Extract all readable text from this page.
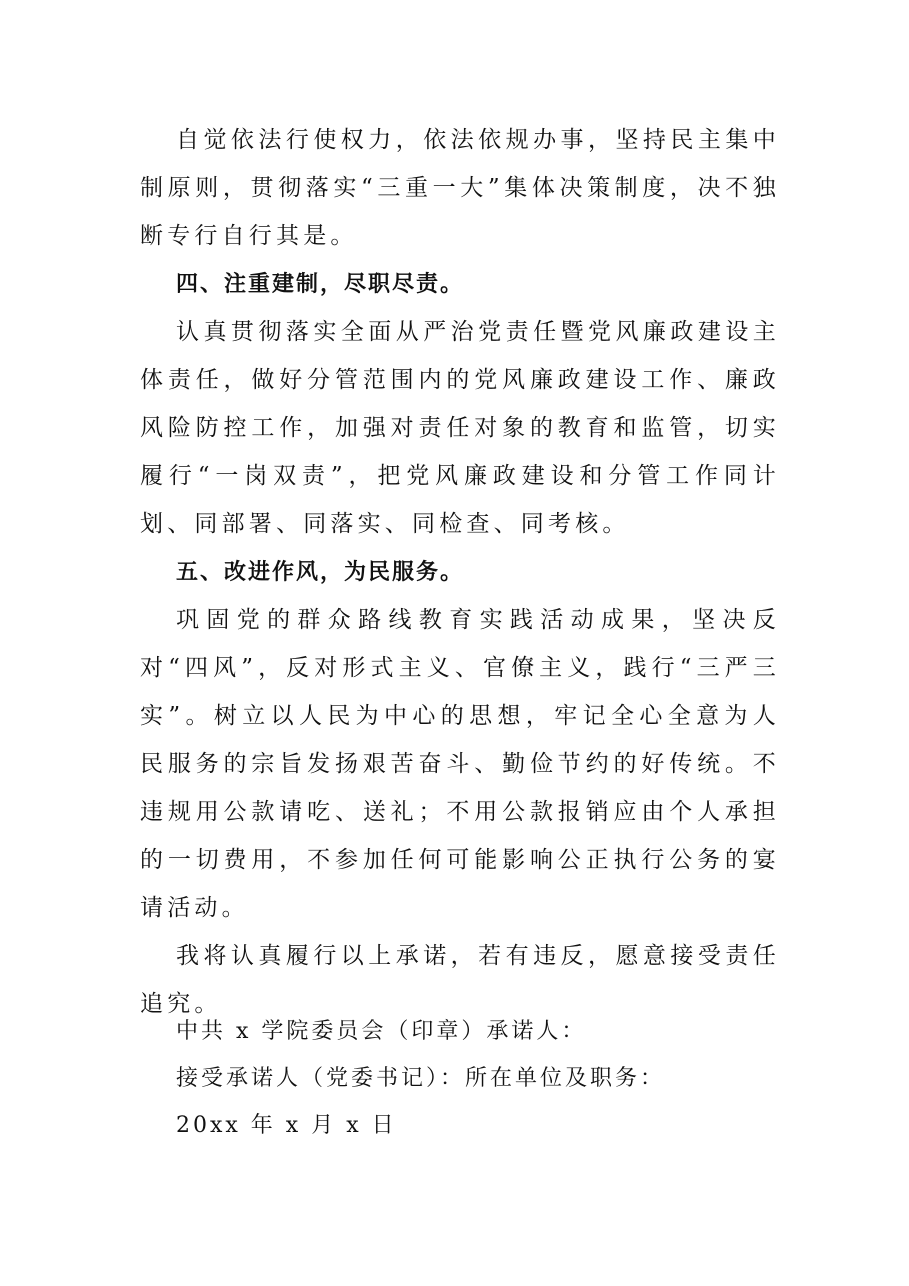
自觉依法行使权力，依法依规办事，坚持民主集中制原则，贯彻落实“三重一大”集体决策制度，决不独断专行自行其是。

四、注重建制，尽职尽责。

认真贯彻落实全面从严治党责任暨党风廉政建设主体责任，做好分管范围内的党风廉政建设工作、廉政风险防控工作，加强对责任对象的教育和监管，切实履行“一岗双责”，把党风廉政建设和分管工作同计划、同部署、同落实、同检查、同考核。

五、改进作风，为民服务。

巩固党的群众路线教育实践活动成果，坚决反对“四风”，反对形式主义、官僚主义，践行“三严三实”。树立以人民为中心的思想，牢记全心全意为人民服务的宗旨发扬艰苦奋斗、勤俭节约的好传统。不违规用公款请吃、送礼；不用公款报销应由个人承担的一切费用，不参加任何可能影响公正执行公务的宴请活动。

我将认真履行以上承诺，若有违反，愿意接受责任追究。

中共 x 学院委员会（印章）承诺人：
接受承诺人（党委书记）：所在单位及职务：
20xx 年 x 月 x 日
